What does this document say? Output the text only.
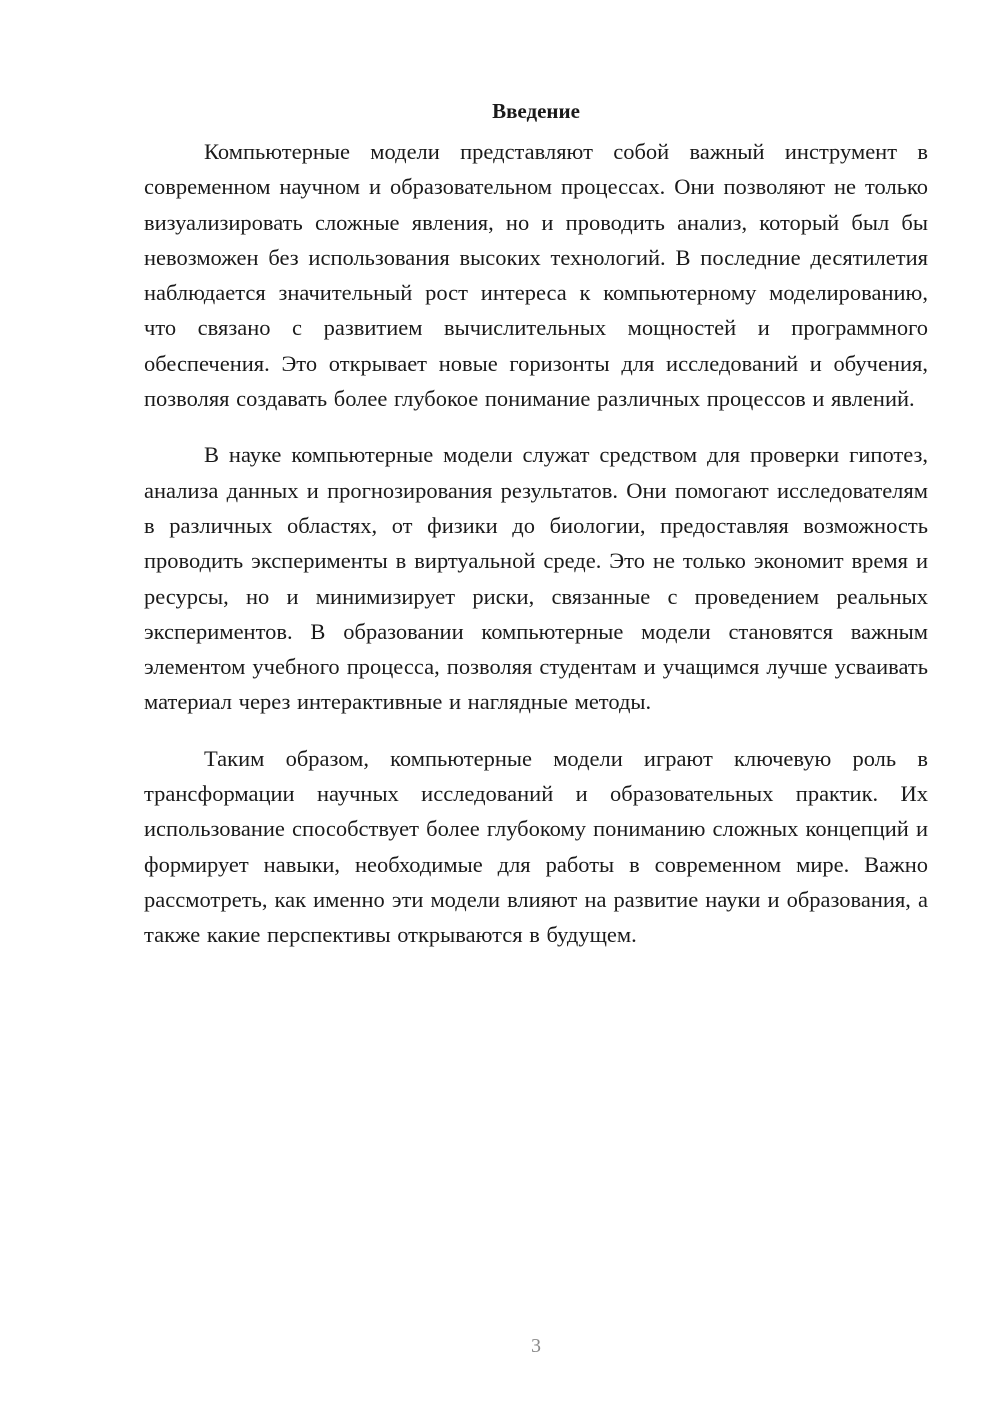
Введение

Компьютерные модели представляют собой важный инструмент в современном научном и образовательном процессах. Они позволяют не только визуализировать сложные явления, но и проводить анализ, который был бы невозможен без использования высоких технологий. В последние десятилетия наблюдается значительный рост интереса к компьютерному моделированию, что связано с развитием вычислительных мощностей и программного обеспечения. Это открывает новые горизонты для исследований и обучения, позволяя создавать более глубокое понимание различных процессов и явлений.

В науке компьютерные модели служат средством для проверки гипотез, анализа данных и прогнозирования результатов. Они помогают исследователям в различных областях, от физики до биологии, предоставляя возможность проводить эксперименты в виртуальной среде. Это не только экономит время и ресурсы, но и минимизирует риски, связанные с проведением реальных экспериментов. В образовании компьютерные модели становятся важным элементом учебного процесса, позволяя студентам и учащимся лучше усваивать материал через интерактивные и наглядные методы.

Таким образом, компьютерные модели играют ключевую роль в трансформации научных исследований и образовательных практик. Их использование способствует более глубокому пониманию сложных концепций и формирует навыки, необходимые для работы в современном мире. Важно рассмотреть, как именно эти модели влияют на развитие науки и образования, а также какие перспективы открываются в будущем.

3
